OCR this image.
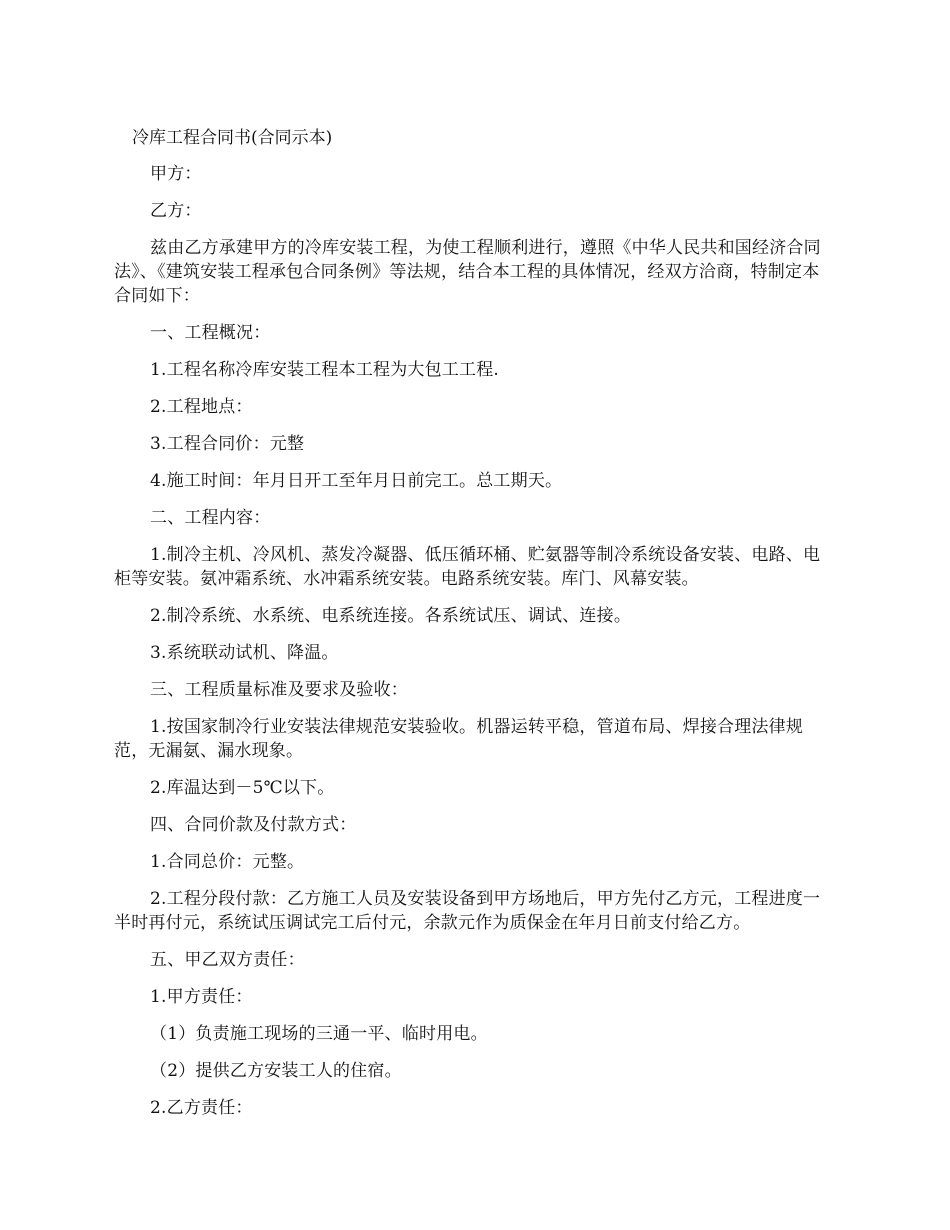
冷库工程合同书(合同示本)

甲方：

乙方：

兹由乙方承建甲方的冷库安装工程，为使工程顺利进行，遵照《中华人民共和国经济合同法》、《建筑安装工程承包合同条例》等法规，结合本工程的具体情况，经双方洽商，特制定本合同如下：

一、工程概况：

1.工程名称冷库安装工程本工程为大包工工程.

2.工程地点：

3.工程合同价：元整

4.施工时间：年月日开工至年月日前完工。总工期天。

二、工程内容：

1.制冷主机、冷风机、蒸发冷凝器、低压循环桶、贮氨器等制冷系统设备安装、电路、电柜等安装。氨冲霜系统、水冲霜系统安装。电路系统安装。库门、风幕安装。

2.制冷系统、水系统、电系统连接。各系统试压、调试、连接。

3.系统联动试机、降温。

三、工程质量标准及要求及验收：

1.按国家制冷行业安装法律规范安装验收。机器运转平稳，管道布局、焊接合理法律规范，无漏氨、漏水现象。

2.库温达到－5℃以下。

四、合同价款及付款方式：

1.合同总价：元整。

2.工程分段付款：乙方施工人员及安装设备到甲方场地后，甲方先付乙方元，工程进度一半时再付元，系统试压调试完工后付元，余款元作为质保金在年月日前支付给乙方。

五、甲乙双方责任：

1.甲方责任：

（1）负责施工现场的三通一平、临时用电。

（2）提供乙方安装工人的住宿。

2.乙方责任：
